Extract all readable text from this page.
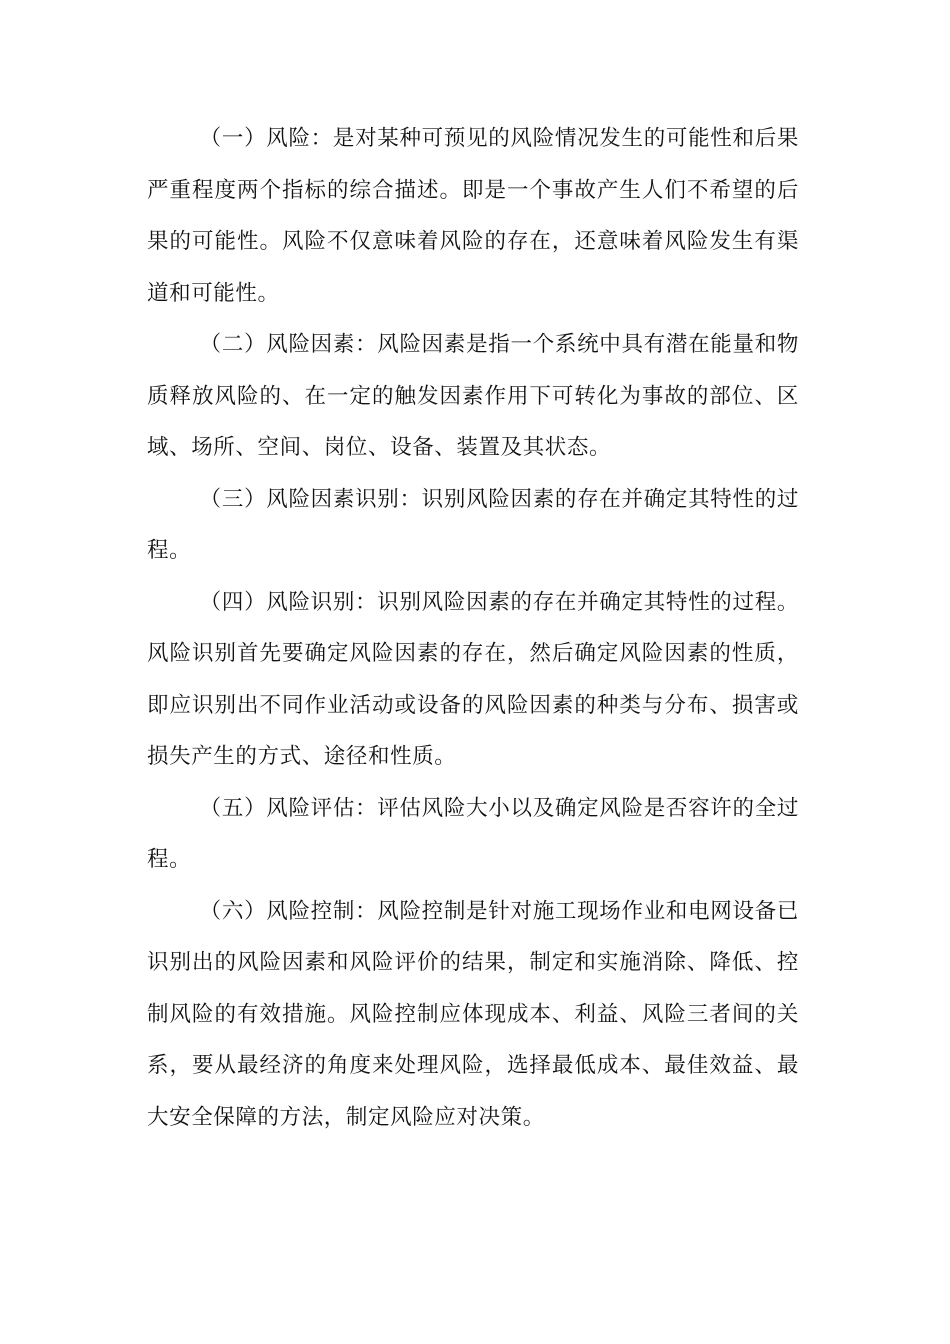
（一）风险：是对某种可预见的风险情况发生的可能性和后果严重程度两个指标的综合描述。即是一个事故产生人们不希望的后果的可能性。风险不仅意味着风险的存在，还意味着风险发生有渠道和可能性。

（二）风险因素：风险因素是指一个系统中具有潜在能量和物质释放风险的、在一定的触发因素作用下可转化为事故的部位、区域、场所、空间、岗位、设备、装置及其状态。

（三）风险因素识别：识别风险因素的存在并确定其特性的过程。

（四）风险识别：识别风险因素的存在并确定其特性的过程。风险识别首先要确定风险因素的存在，然后确定风险因素的性质，即应识别出不同作业活动或设备的风险因素的种类与分布、损害或损失产生的方式、途径和性质。

（五）风险评估：评估风险大小以及确定风险是否容许的全过程。

（六）风险控制：风险控制是针对施工现场作业和电网设备已识别出的风险因素和风险评价的结果，制定和实施消除、降低、控制风险的有效措施。风险控制应体现成本、利益、风险三者间的关系，要从最经济的角度来处理风险，选择最低成本、最佳效益、最大安全保障的方法，制定风险应对决策。
